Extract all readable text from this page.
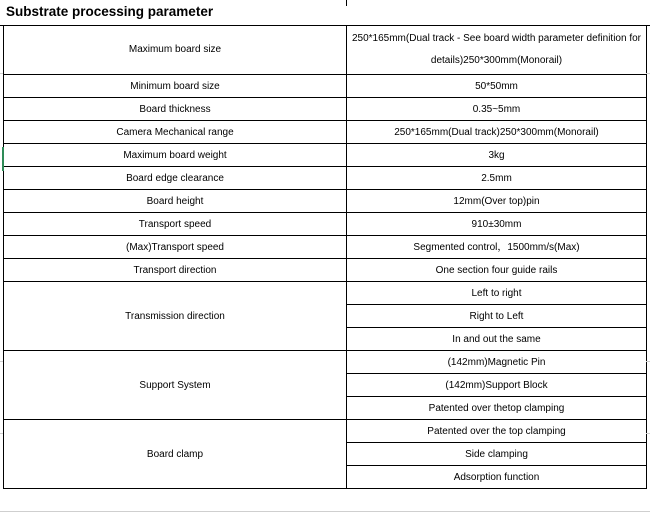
Substrate processing parameter
Maximum board size	250*165mm(Dual track - See board width parameter definition for details)250*300mm(Monorail)
Minimum board size	50*50mm
Board thickness	0.35~5mm
Camera Mechanical range	250*165mm(Dual track)250*300mm(Monorail)
Maximum board weight	3kg
Board edge clearance	2.5mm
Board height	12mm(Over top)pin
Transport speed	910±30mm
(Max)Transport speed	Segmented control，1500mm/s(Max)
Transport direction	One section four guide rails
Transmission direction	Left to right
	Right to Left
	In and out the same
Support System	(142mm)Magnetic Pin
	(142mm)Support Block
	Patented over thetop clamping
Board clamp	Patented over the top clamping
	Side clamping
	Adsorption function
